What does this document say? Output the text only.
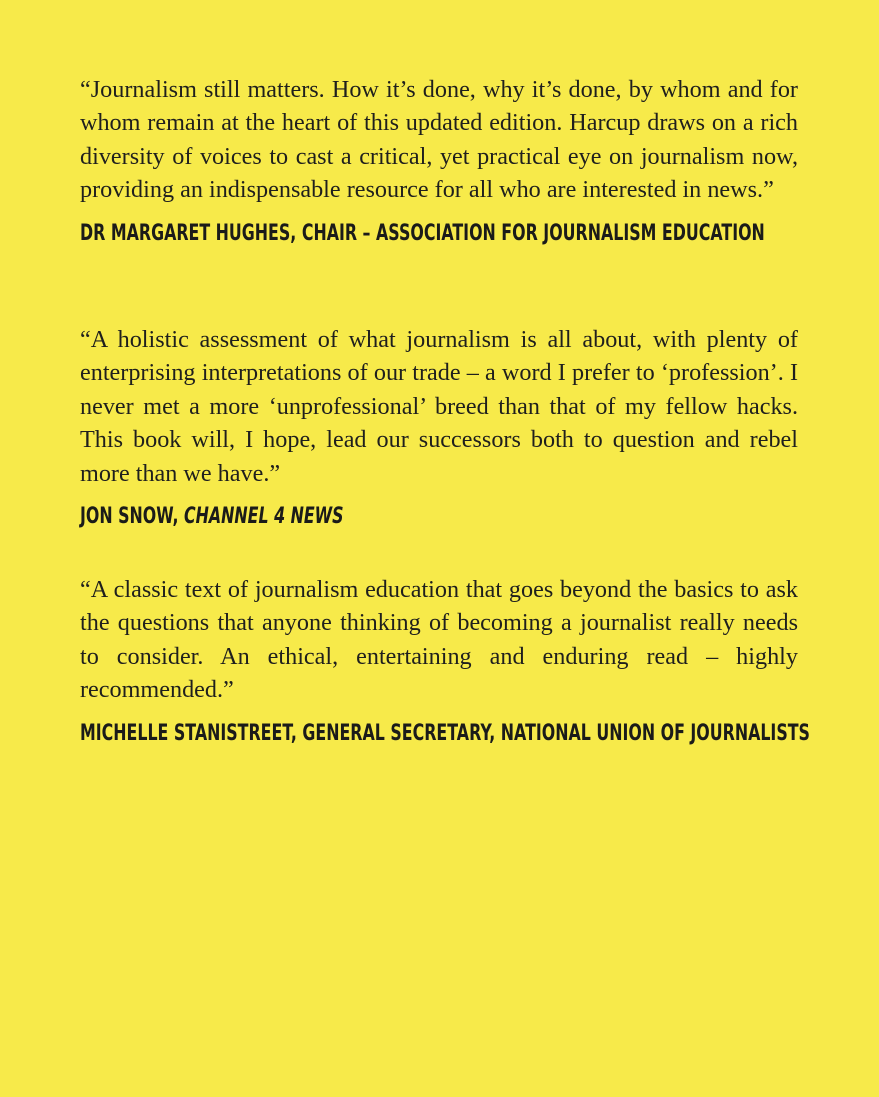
“Journalism still matters. How it’s done, why it’s done, by whom and for whom remain at the heart of this updated edition. Harcup draws on a rich diversity of voices to cast a critical, yet practical eye on journalism now, providing an indispensable resource for all who are interested in news.”

DR MARGARET HUGHES, CHAIR – ASSOCIATION FOR JOURNALISM EDUCATION

“A holistic assessment of what journalism is all about, with plenty of enterprising interpretations of our trade – a word I prefer to ‘profession’. I never met a more ‘unprofessional’ breed than that of my fellow hacks. This book will, I hope, lead our successors both to question and rebel more than we have.”

JON SNOW, CHANNEL 4 NEWS

“A classic text of journalism education that goes beyond the basics to ask the questions that anyone thinking of becoming a journalist really needs to consider. An ethical, entertaining and enduring read – highly recommended.”

MICHELLE STANISTREET, GENERAL SECRETARY, NATIONAL UNION OF JOURNALISTS
